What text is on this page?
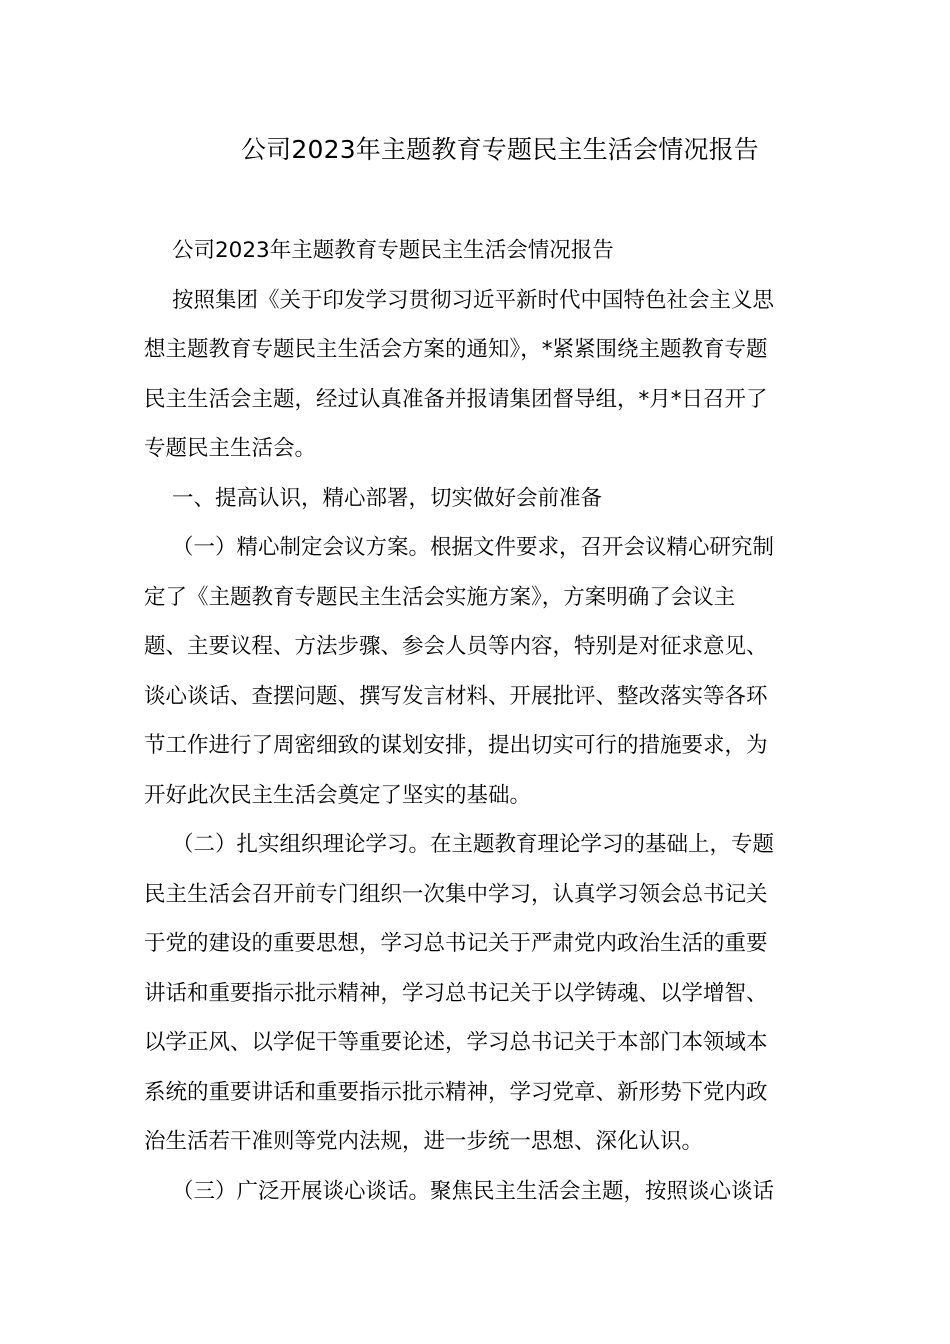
公司2023年主题教育专题民主生活会情况报告
公司2023年主题教育专题民主生活会情况报告
按照集团《关于印发学习贯彻习近平新时代中国特色社会主义思
想主题教育专题民主生活会方案的通知》，*紧紧围绕主题教育专题
民主生活会主题，经过认真准备并报请集团督导组，*月*日召开了
专题民主生活会。
一、提高认识，精心部署，切实做好会前准备
（一）精心制定会议方案。根据文件要求，召开会议精心研究制
定了《主题教育专题民主生活会实施方案》，方案明确了会议主
题、主要议程、方法步骤、参会人员等内容，特别是对征求意见、
谈心谈话、查摆问题、撰写发言材料、开展批评、整改落实等各环
节工作进行了周密细致的谋划安排，提出切实可行的措施要求，为
开好此次民主生活会奠定了坚实的基础。
（二）扎实组织理论学习。在主题教育理论学习的基础上，专题
民主生活会召开前专门组织一次集中学习，认真学习领会总书记关
于党的建设的重要思想，学习总书记关于严肃党内政治生活的重要
讲话和重要指示批示精神，学习总书记关于以学铸魂、以学增智、
以学正风、以学促干等重要论述，学习总书记关于本部门本领域本
系统的重要讲话和重要指示批示精神，学习党章、新形势下党内政
治生活若干准则等党内法规，进一步统一思想、深化认识。
（三）广泛开展谈心谈话。聚焦民主生活会主题，按照谈心谈话
